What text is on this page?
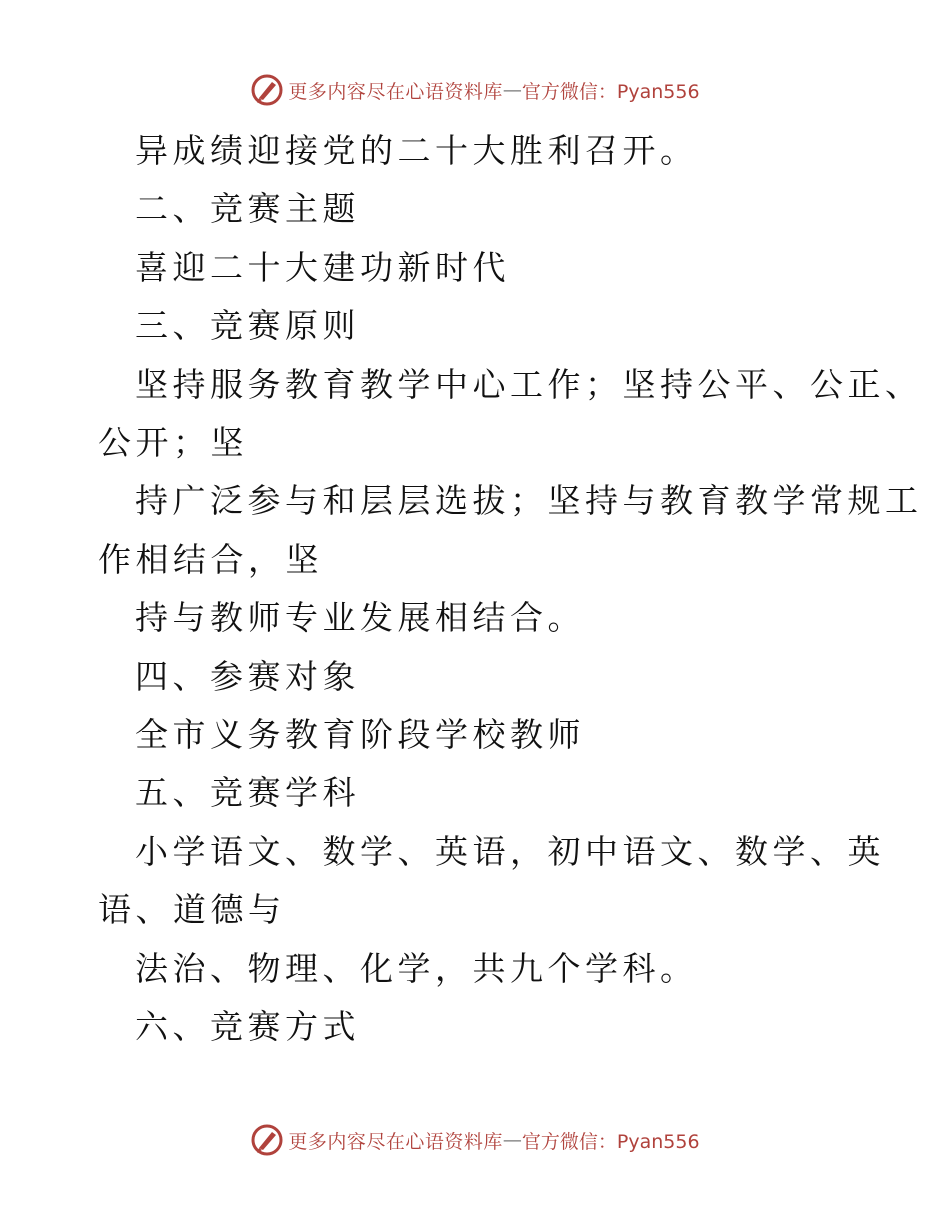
更多内容尽在心语资料库 — 官方微信：Pyan556
异成绩迎接党的二十大胜利召开。
二、竞赛主题
喜迎二十大建功新时代
三、竞赛原则
坚持服务教育教学中心工作；坚持公平、公正、
公开；坚
持广泛参与和层层选拔；坚持与教育教学常规工
作相结合，坚
持与教师专业发展相结合。
四、参赛对象
全市义务教育阶段学校教师
五、竞赛学科
小学语文、数学、英语，初中语文、数学、英
语、道德与
法治、物理、化学，共九个学科。
六、竞赛方式
更多内容尽在心语资料库 — 官方微信：Pyan556
